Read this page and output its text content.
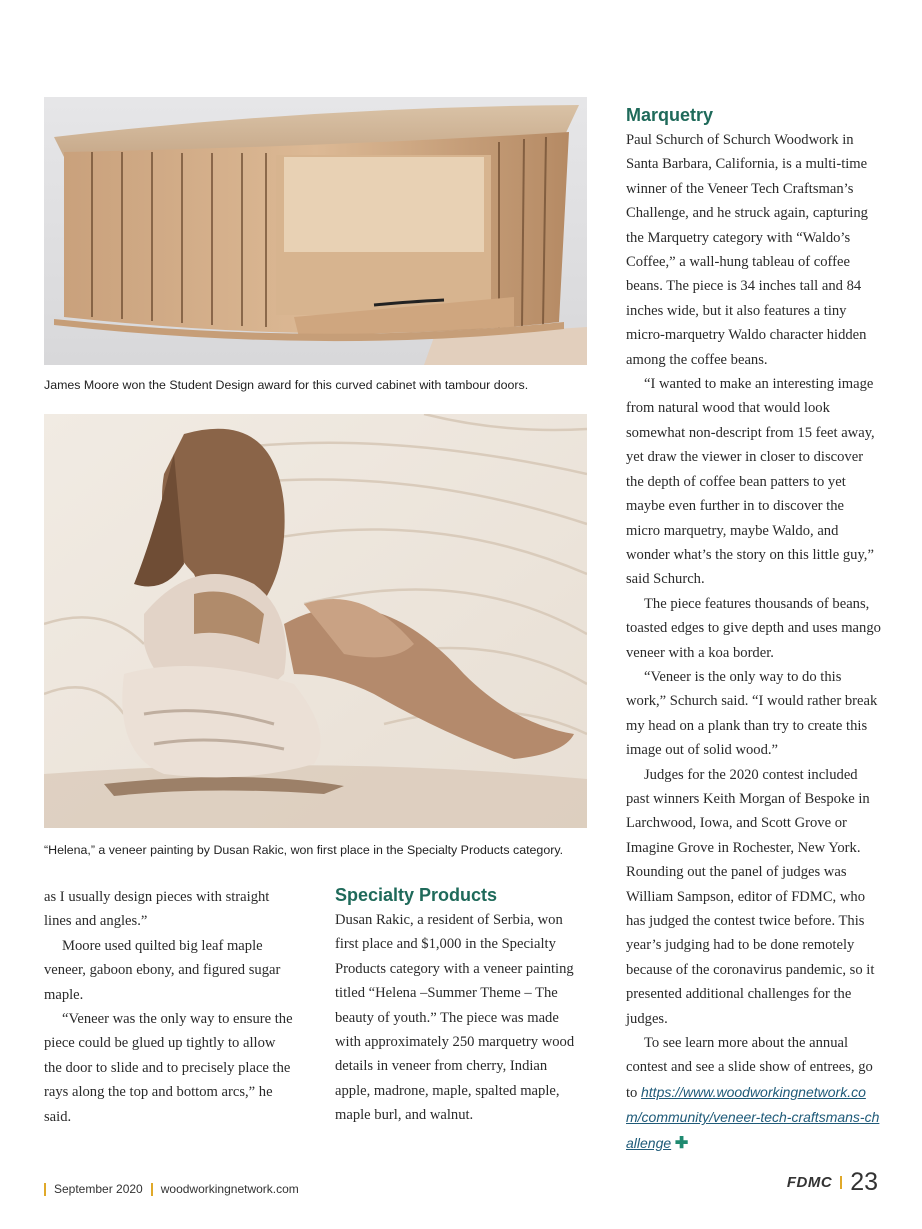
James Moore won the Student Design award for this curved cabinet with tambour doors.
“Helena,” a veneer painting by Dusan Rakic, won first place in the Specialty Products category.

as I usually design pieces with straight lines and angles.”

Moore used quilted big leaf maple veneer, gaboon ebony, and figured sugar maple.

“Veneer was the only way to ensure the piece could be glued up tightly to allow the door to slide and to precisely place the rays along the top and bottom arcs,” he said.

Specialty Products

Dusan Rakic, a resident of Serbia, won first place and $1,000 in the Specialty Products category with a veneer painting titled “Helena –Summer Theme – The beauty of youth.” The piece was made with approximately 250 marquetry wood details in veneer from cherry, Indian apple, madrone, maple, spalted maple, maple burl, and walnut.

Marquetry

Paul Schurch of Schurch Woodwork in Santa Barbara, California, is a multi-time winner of the Veneer Tech Craftsman’s Challenge, and he struck again, capturing the Marquetry category with “Waldo’s Coffee,” a wall-hung tableau of coffee beans. The piece is 34 inches tall and 84 inches wide, but it also features a tiny micro-marquetry Waldo character hidden among the coffee beans.

“I wanted to make an interesting image from natural wood that would look somewhat non-descript from 15 feet away, yet draw the viewer in closer to discover the depth of coffee bean patters to yet maybe even further in to discover the micro marquetry, maybe Waldo, and wonder what’s the story on this little guy,” said Schurch.

The piece features thousands of beans, toasted edges to give depth and uses mango veneer with a koa border.

“Veneer is the only way to do this work,” Schurch said. “I would rather break my head on a plank than try to create this image out of solid wood.”

Judges for the 2020 contest included past winners Keith Morgan of Bespoke in Larchwood, Iowa, and Scott Grove or Imagine Grove in Rochester, New York. Rounding out the panel of judges was William Sampson, editor of FDMC, who has judged the contest twice before. This year’s judging had to be done remotely because of the coronavirus pandemic, so it presented additional challenges for the judges.

To see learn more about the annual contest and see a slide show of entrees, go to https://www.woodworkingnetwork.com/community/veneer-tech-craftsmans-challenge ✚

September 2020 woodworkingnetwork.com	FDMC 23
